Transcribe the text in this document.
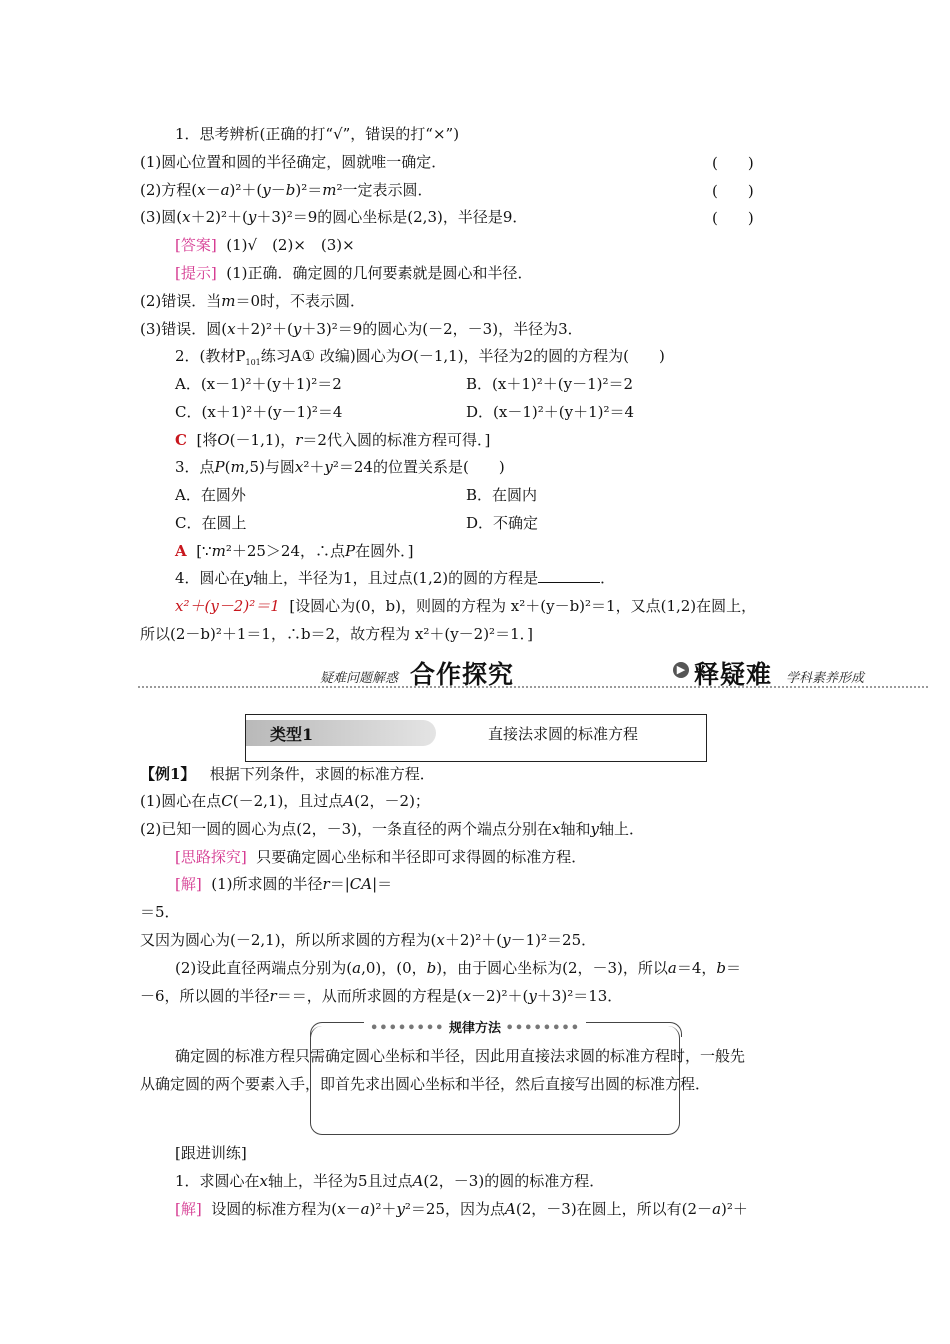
1．思考辨析(正确的打“√”，错误的打“×”)
(1)圆心位置和圆的半径确定，圆就唯一确定．	(　　)
(2)方程(x－a)²＋(y－b)²＝m²一定表示圆．	(　　)
(3)圆(x＋2)²＋(y＋3)²＝9的圆心坐标是(2,3)，半径是9．	(　　)
[答案] (1)√　(2)×　(3)×
[提示] (1)正确．确定圆的几何要素就是圆心和半径．
(2)错误．当m＝0时，不表示圆．
(3)错误．圆(x＋2)²＋(y＋3)²＝9的圆心为(－2，－3)，半径为3．
2．(教材$P_{101}$练习A① 改编)圆心为O(－1,1)，半径为2的圆的方程为(　　)
A．(x－1)²＋(y＋1)²＝2	B．(x＋1)²＋(y－1)²＝2
C．(x＋1)²＋(y－1)²＝4	D．(x－1)²＋(y＋1)²＝4
C [将O(－1,1)，r＝2代入圆的标准方程可得．]
3．点P(m,5)与圆x²＋y²＝24的位置关系是(　　)
A．在圆外	B．在圆内
C．在圆上	D．不确定
A [∵m²＋25＞24，∴点P在圆外．]
4．圆心在y轴上，半径为1，且过点(1,2)的圆的方程是	．
x²＋(y－2)²＝1 [设圆心为(0，b)，则圆的方程为 x²＋(y－b)²＝1，又点(1,2)在圆上，
所以(2－b)²＋1＝1，∴b＝2，故方程为 x²＋(y－2)²＝1．]
疑难问题解惑 合作探究	▶ 释疑难 学科素养形成
类型1	直接法求圆的标准方程
【例1】 根据下列条件，求圆的标准方程．
(1)圆心在点C(－2,1)，且过点A(2，－2)；
(2)已知一圆的圆心为点(2，－3)，一条直径的两个端点分别在x轴和y轴上．
[思路探究] 只要确定圆心坐标和半径即可求得圆的标准方程．
[解] (1)所求圆的半径r＝|CA|＝
＝5．
又因为圆心为(－2,1)，所以所求圆的方程为(x＋2)²＋(y－1)²＝25．
(2)设此直径两端点分别为(a,0)，(0，b)，由于圆心坐标为(2，－3)，所以a＝4，b＝
－6，所以圆的半径r＝＝，从而所求圆的方程是(x－2)²＋(y＋3)²＝13．
•••••••• 规律方法 ••••••••
确定圆的标准方程只需确定圆心坐标和半径，因此用直接法求圆的标准方程时，一般先
从确定圆的两个要素入手，即首先求出圆心坐标和半径，然后直接写出圆的标准方程．
[跟进训练]
1．求圆心在x轴上，半径为5且过点A(2，－3)的圆的标准方程．
[解] 设圆的标准方程为(x－a)²＋y²＝25，因为点A(2，－3)在圆上，所以有(2－a)²＋
